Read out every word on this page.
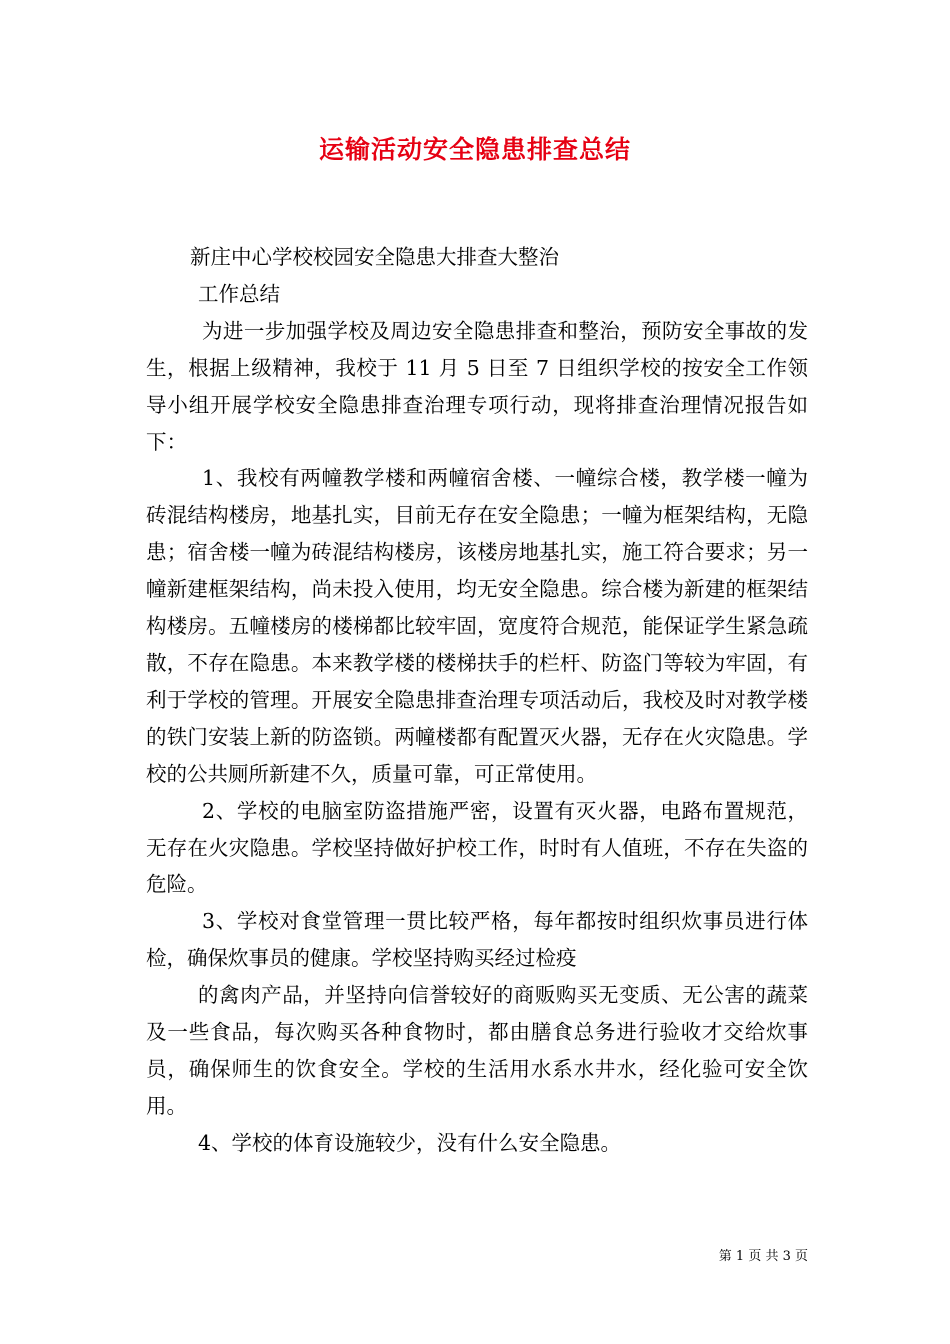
运输活动安全隐患排查总结

新庄中心学校校园安全隐患大排查大整治

工作总结

为进一步加强学校及周边安全隐患排查和整治，预防安全事故的发生，根据上级精神，我校于 11 月 5 日至 7 日组织学校的按安全工作领导小组开展学校安全隐患排查治理专项行动，现将排查治理情况报告如下：

1、我校有两幢教学楼和两幢宿舍楼、一幢综合楼，教学楼一幢为砖混结构楼房，地基扎实，目前无存在安全隐患；一幢为框架结构，无隐患；宿舍楼一幢为砖混结构楼房，该楼房地基扎实，施工符合要求；另一幢新建框架结构，尚未投入使用，均无安全隐患。综合楼为新建的框架结构楼房。五幢楼房的楼梯都比较牢固，宽度符合规范，能保证学生紧急疏散，不存在隐患。本来教学楼的楼梯扶手的栏杆、防盗门等较为牢固，有利于学校的管理。开展安全隐患排查治理专项活动后，我校及时对教学楼的铁门安装上新的防盗锁。两幢楼都有配置灭火器，无存在火灾隐患。学校的公共厕所新建不久，质量可靠，可正常使用。

2、学校的电脑室防盗措施严密，设置有灭火器，电路布置规范，无存在火灾隐患。学校坚持做好护校工作，时时有人值班，不存在失盗的危险。

3、学校对食堂管理一贯比较严格，每年都按时组织炊事员进行体检，确保炊事员的健康。学校坚持购买经过检疫

的禽肉产品，并坚持向信誉较好的商贩购买无变质、无公害的蔬菜及一些食品，每次购买各种食物时，都由膳食总务进行验收才交给炊事员，确保师生的饮食安全。学校的生活用水系水井水，经化验可安全饮用。

4、学校的体育设施较少，没有什么安全隐患。

第 1 页 共 3 页
